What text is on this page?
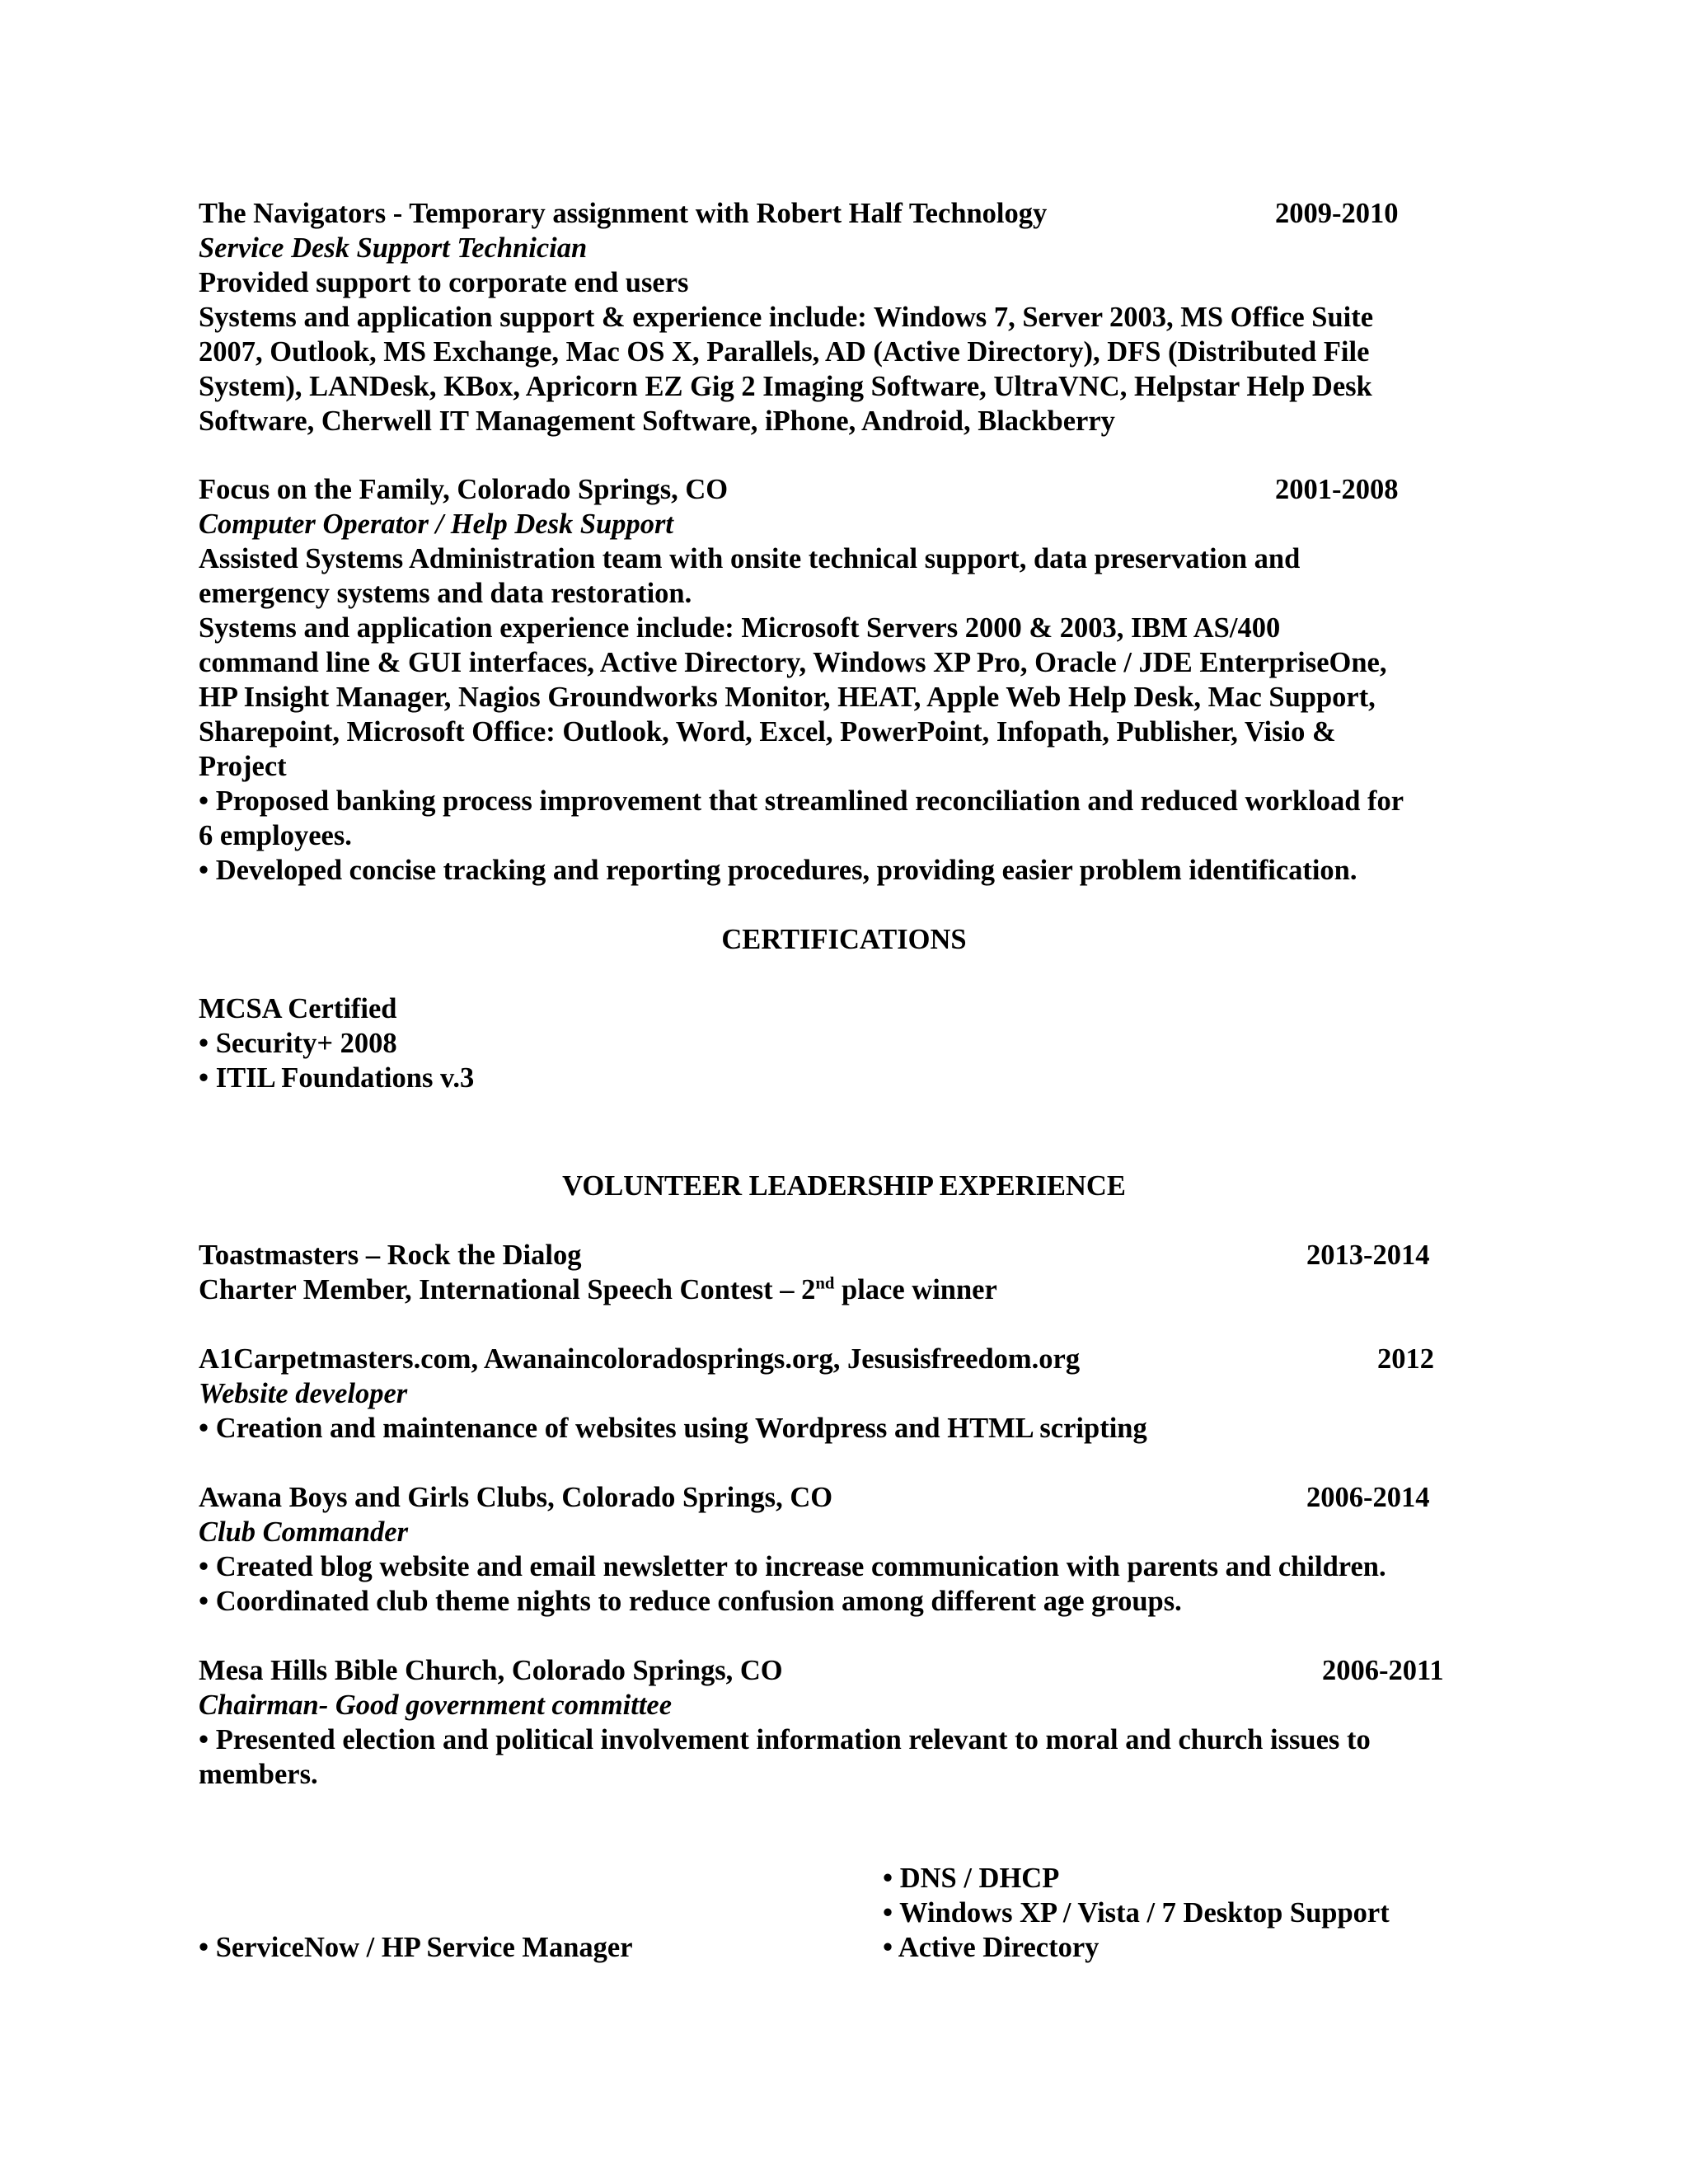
The Navigators - Temporary assignment with Robert Half Technology	2009-2010
Service Desk Support Technician
Provided support to corporate end users
Systems and application support & experience include: Windows 7, Server 2003, MS Office Suite
2007, Outlook, MS Exchange, Mac OS X, Parallels, AD (Active Directory), DFS (Distributed File
System), LANDesk, KBox, Apricorn EZ Gig 2 Imaging Software, UltraVNC, Helpstar Help Desk
Software, Cherwell IT Management Software, iPhone, Android, Blackberry
Focus on the Family, Colorado Springs, CO	2001-2008
Computer Operator / Help Desk Support
Assisted Systems Administration team with onsite technical support, data preservation and
emergency systems and data restoration.
Systems and application experience include: Microsoft Servers 2000 & 2003, IBM AS/400
command line & GUI interfaces, Active Directory, Windows XP Pro, Oracle / JDE EnterpriseOne,
HP Insight Manager, Nagios Groundworks Monitor, HEAT, Apple Web Help Desk, Mac Support,
Sharepoint, Microsoft Office: Outlook, Word, Excel, PowerPoint, Infopath, Publisher, Visio &
Project
• Proposed banking process improvement that streamlined reconciliation and reduced workload for
6 employees.
• Developed concise tracking and reporting procedures, providing easier problem identification.
CERTIFICATIONS
MCSA Certified
• Security+ 2008
• ITIL Foundations v.3
VOLUNTEER LEADERSHIP EXPERIENCE
Toastmasters – Rock the Dialog	2013-2014
Charter Member, International Speech Contest – 2nd place winner
A1Carpetmasters.com, Awanaincoloradosprings.org, Jesusisfreedom.org	2012
Website developer
• Creation and maintenance of websites using Wordpress and HTML scripting
Awana Boys and Girls Clubs, Colorado Springs, CO	2006-2014
Club Commander
• Created blog website and email newsletter to increase communication with parents and children.
• Coordinated club theme nights to reduce confusion among different age groups.
Mesa Hills Bible Church, Colorado Springs, CO	2006-2011
Chairman- Good government committee
• Presented election and political involvement information relevant to moral and church issues to
members.
• DNS / DHCP
• Windows XP / Vista / 7 Desktop Support
• ServiceNow / HP Service Manager	• Active Directory
